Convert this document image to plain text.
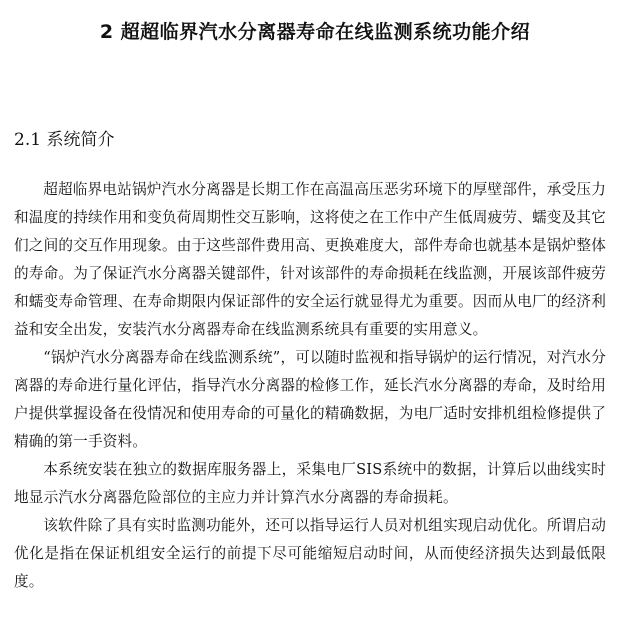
2 超超临界汽水分离器寿命在线监测系统功能介绍
2.1 系统简介

超超临界电站锅炉汽水分离器是长期工作在高温高压恶劣环境下的厚壁部件，承受压力和温度的持续作用和变负荷周期性交互影响，这将使之在工作中产生低周疲劳、蠕变及其它们之间的交互作用现象。由于这些部件费用高、更换难度大，部件寿命也就基本是锅炉整体的寿命。为了保证汽水分离器关键部件，针对该部件的寿命损耗在线监测，开展该部件疲劳和蠕变寿命管理、在寿命期限内保证部件的安全运行就显得尤为重要。因而从电厂的经济利益和安全出发，安装汽水分离器寿命在线监测系统具有重要的实用意义。

“锅炉汽水分离器寿命在线监测系统”，可以随时监视和指导锅炉的运行情况，对汽水分离器的寿命进行量化评估，指导汽水分离器的检修工作，延长汽水分离器的寿命，及时给用户提供掌握设备在役情况和使用寿命的可量化的精确数据，为电厂适时安排机组检修提供了精确的第一手资料。

本系统安装在独立的数据库服务器上，采集电厂SIS系统中的数据，计算后以曲线实时地显示汽水分离器危险部位的主应力并计算汽水分离器的寿命损耗。

该软件除了具有实时监测功能外，还可以指导运行人员对机组实现启动优化。所谓启动优化是指在保证机组安全运行的前提下尽可能缩短启动时间，从而使经济损失达到最低限度。
